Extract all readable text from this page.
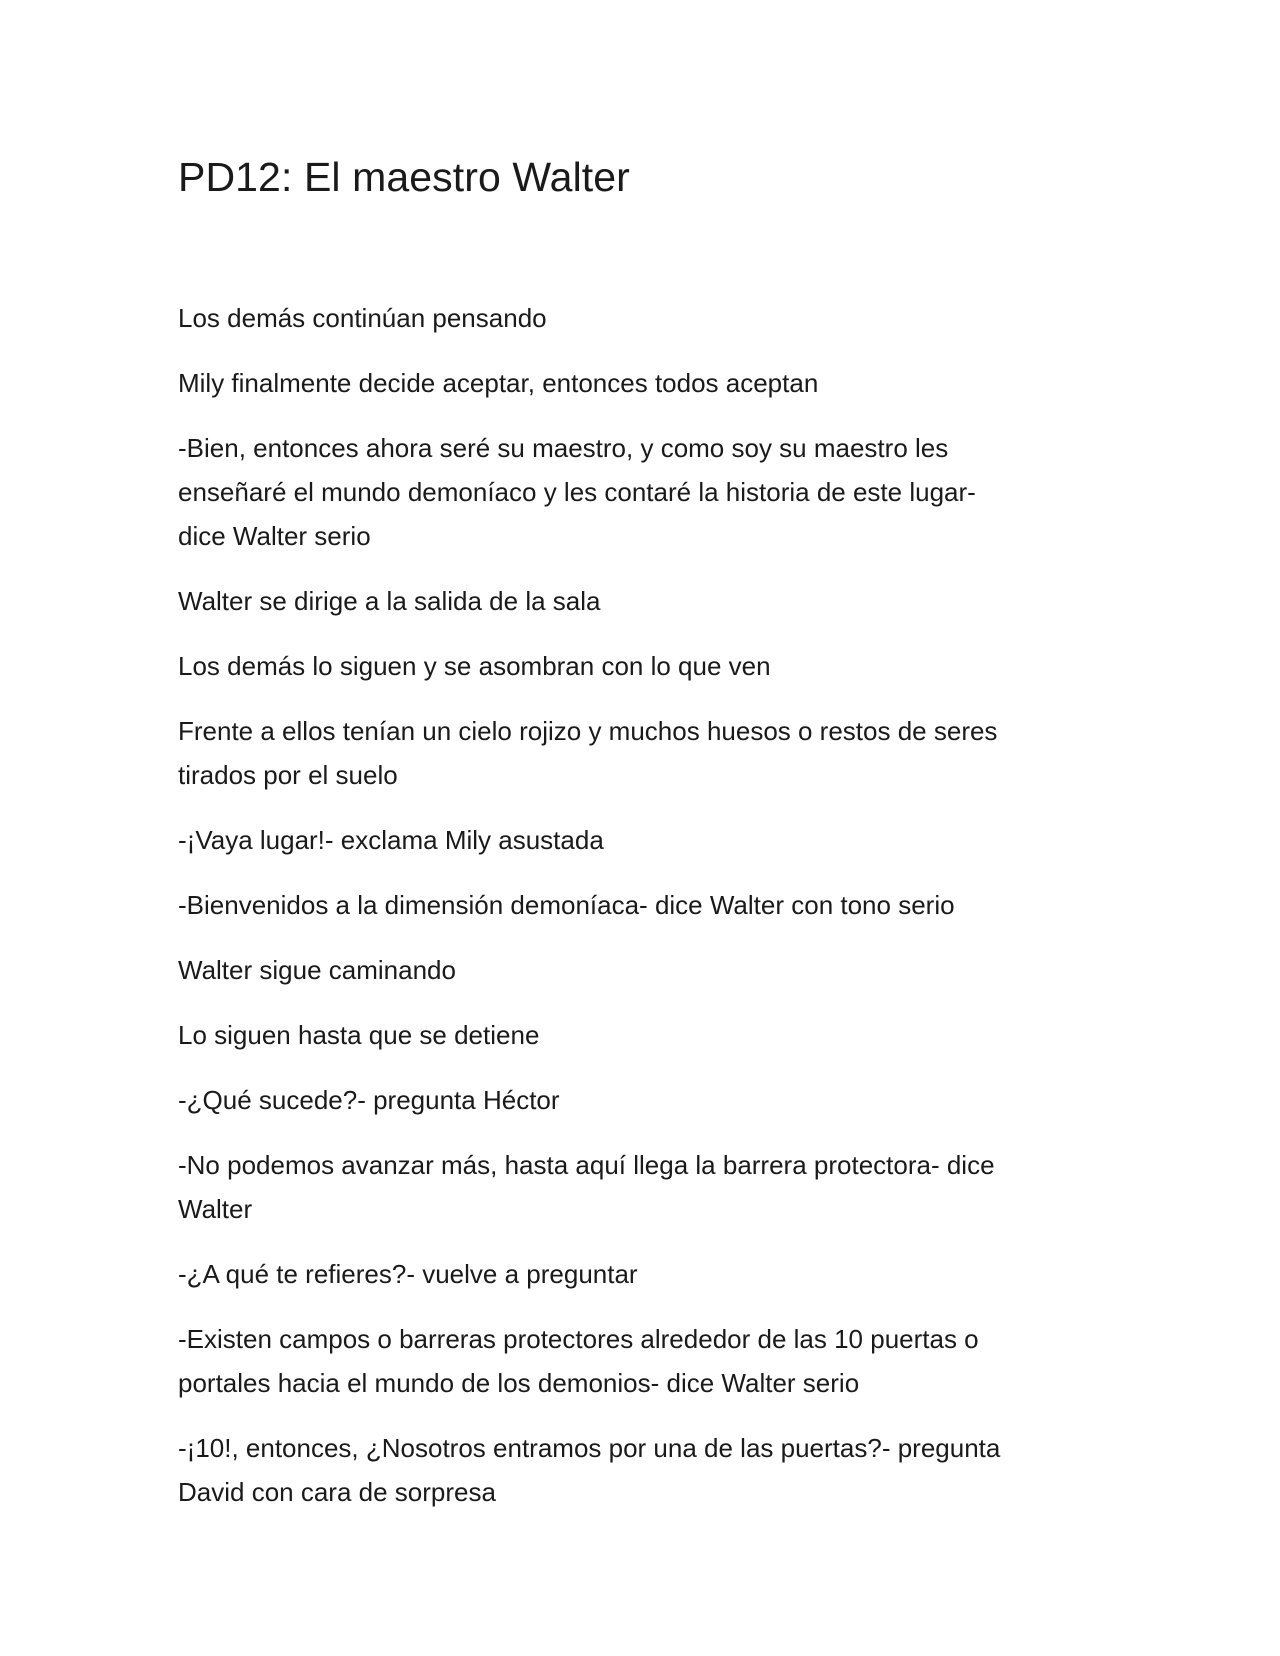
PD12: El maestro Walter

Los demás continúan pensando

Mily finalmente decide aceptar, entonces todos aceptan

-Bien, entonces ahora seré su maestro, y como soy su maestro les
enseñaré el mundo demoníaco y les contaré la historia de este lugar-
dice Walter serio

Walter se dirige a la salida de la sala

Los demás lo siguen y se asombran con lo que ven

Frente a ellos tenían un cielo rojizo y muchos huesos o restos de seres
tirados por el suelo

-¡Vaya lugar!- exclama Mily asustada

-Bienvenidos a la dimensión demoníaca- dice Walter con tono serio

Walter sigue caminando

Lo siguen hasta que se detiene

-¿Qué sucede?- pregunta Héctor

-No podemos avanzar más, hasta aquí llega la barrera protectora- dice
Walter

-¿A qué te refieres?- vuelve a preguntar

-Existen campos o barreras protectores alrededor de las 10 puertas o
portales hacia el mundo de los demonios- dice Walter serio

-¡10!, entonces, ¿Nosotros entramos por una de las puertas?- pregunta
David con cara de sorpresa
